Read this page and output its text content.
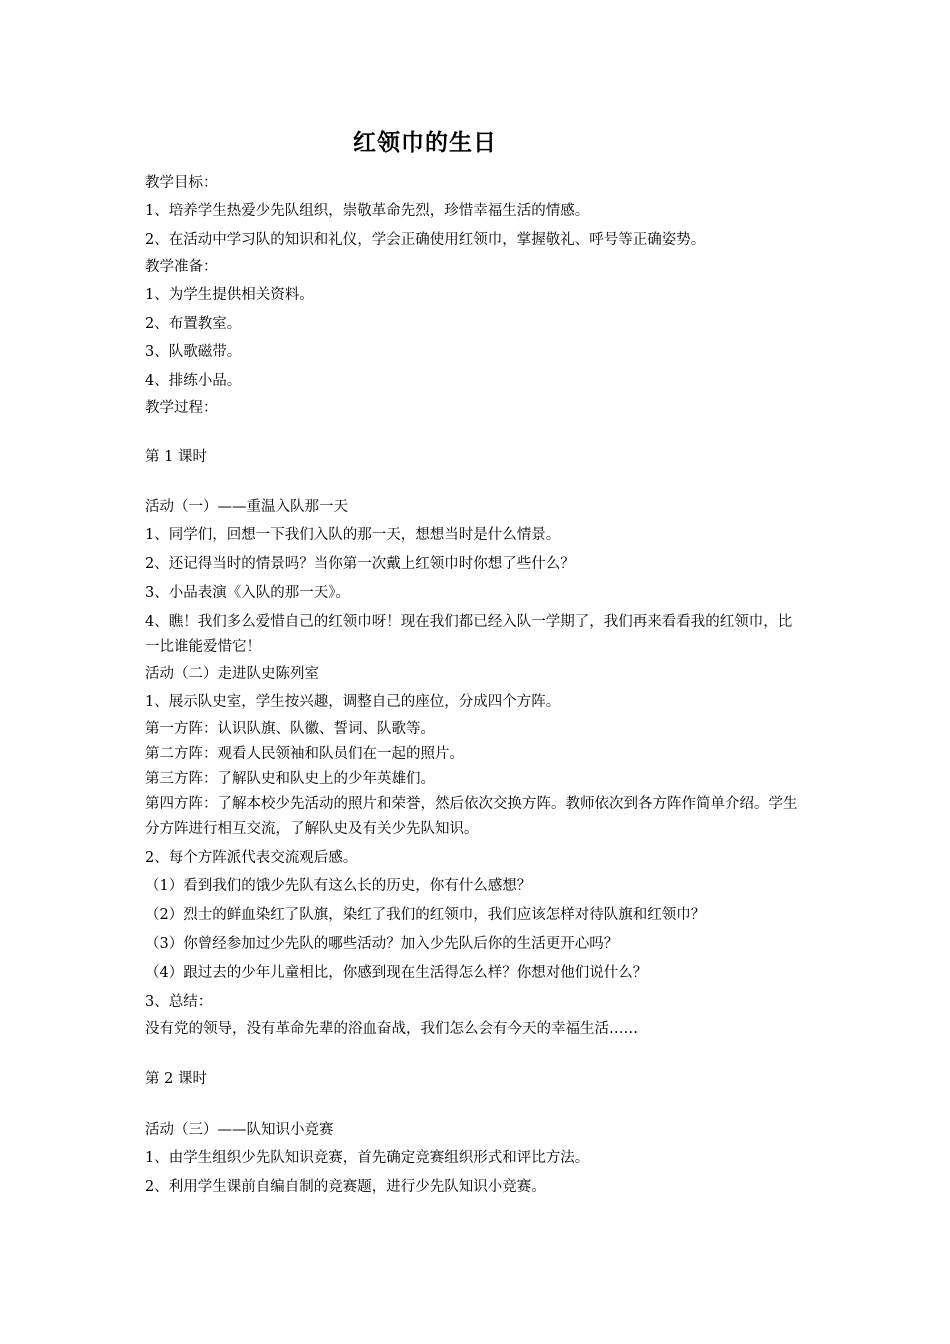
红领巾的生日

教学目标：

1、培养学生热爱少先队组织，崇敬革命先烈，珍惜幸福生活的情感。

2、在活动中学习队的知识和礼仪，学会正确使用红领巾，掌握敬礼、呼号等正确姿势。

教学准备：

1、为学生提供相关资料。

2、布置教室。

3、队歌磁带。

4、排练小品。

教学过程：

第 1 课时

活动（一）——重温入队那一天

1、同学们，回想一下我们入队的那一天，想想当时是什么情景。

2、还记得当时的情景吗？当你第一次戴上红领巾时你想了些什么？

3、小品表演《入队的那一天》。

4、瞧！我们多么爱惜自己的红领巾呀！现在我们都已经入队一学期了，我们再来看看我的红领巾，比一比谁能爱惜它！

活动（二）走进队史陈列室

1、展示队史室，学生按兴趣，调整自己的座位，分成四个方阵。

第一方阵：认识队旗、队徽、誓词、队歌等。

第二方阵：观看人民领袖和队员们在一起的照片。

第三方阵：了解队史和队史上的少年英雄们。

第四方阵：了解本校少先活动的照片和荣誉，然后依次交换方阵。教师依次到各方阵作简单介绍。学生分方阵进行相互交流，了解队史及有关少先队知识。

2、每个方阵派代表交流观后感。

（1）看到我们的饿少先队有这么长的历史，你有什么感想？

（2）烈士的鲜血染红了队旗，染红了我们的红领巾，我们应该怎样对待队旗和红领巾？

（3）你曾经参加过少先队的哪些活动？加入少先队后你的生活更开心吗？

（4）跟过去的少年儿童相比，你感到现在生活得怎么样？你想对他们说什么？

3、总结：

没有党的领导，没有革命先辈的浴血奋战，我们怎么会有今天的幸福生活……

第 2 课时

活动（三）——队知识小竞赛

1、由学生组织少先队知识竞赛，首先确定竞赛组织形式和评比方法。

2、利用学生课前自编自制的竞赛题，进行少先队知识小竞赛。
